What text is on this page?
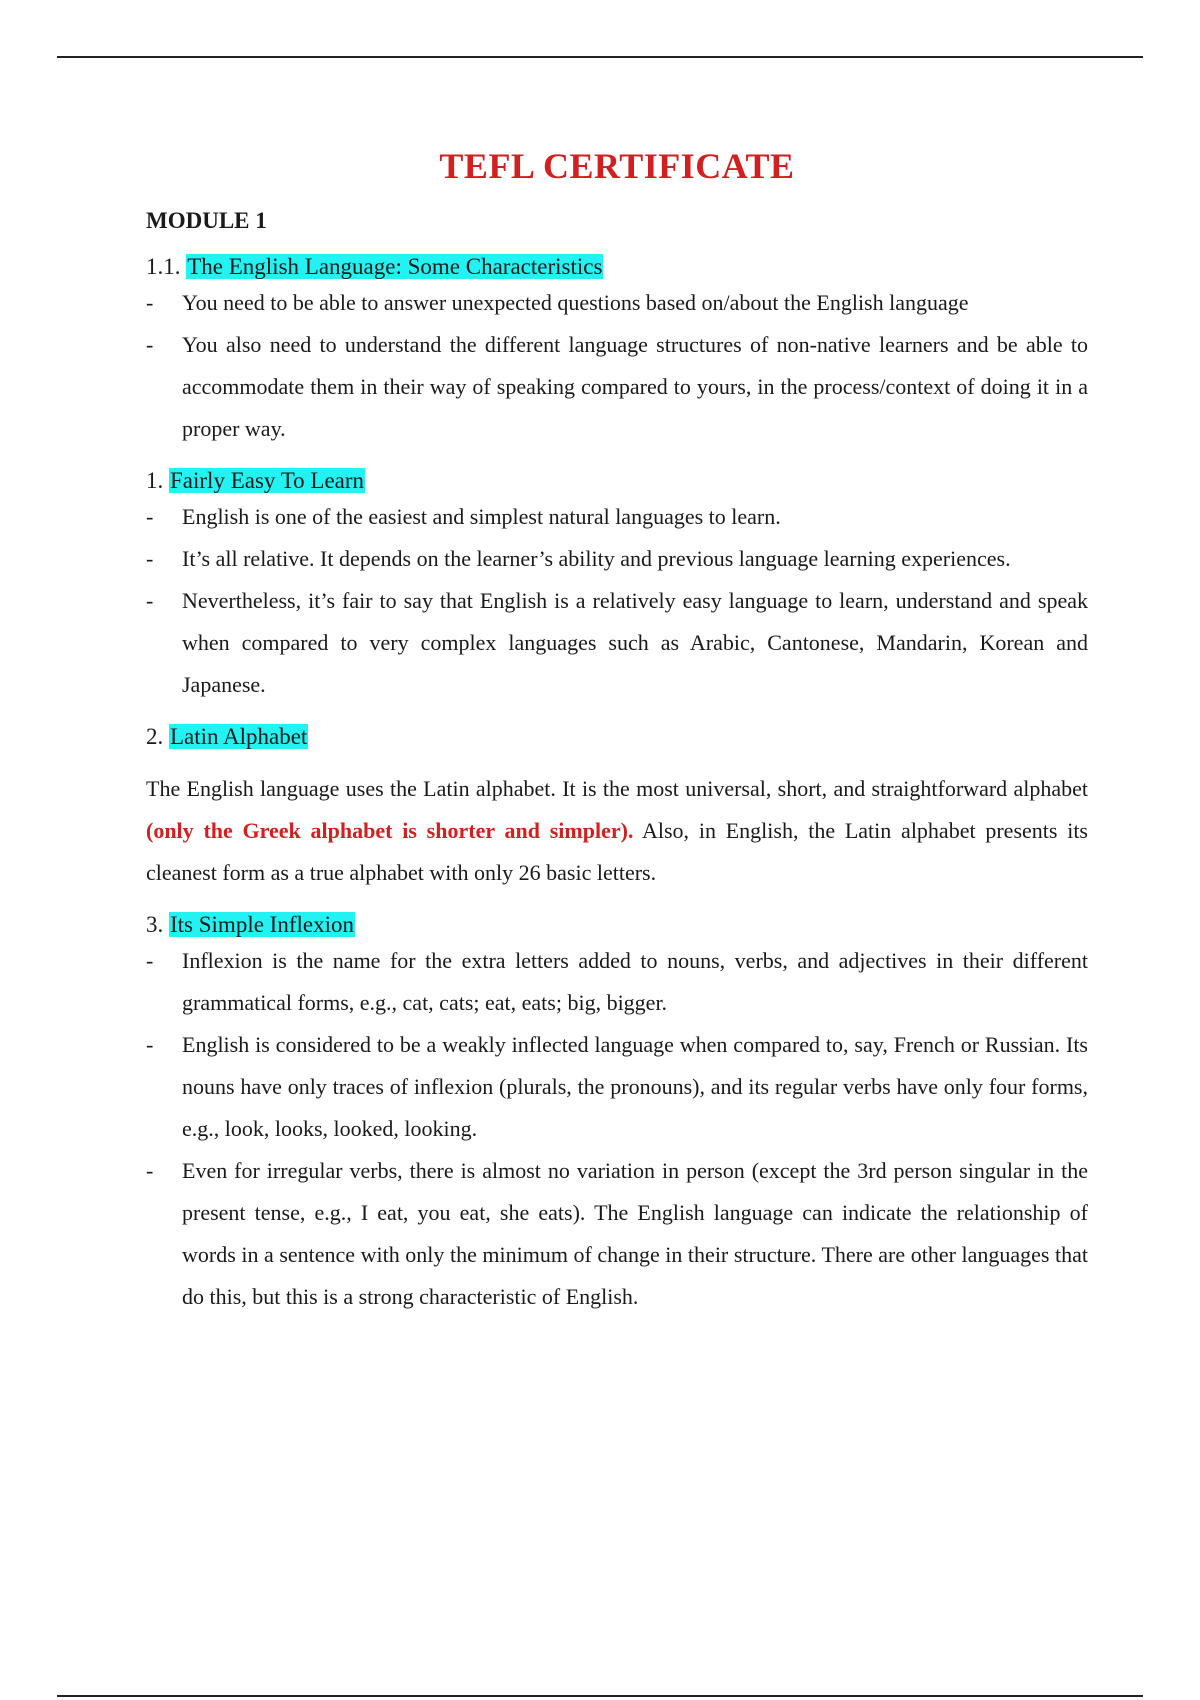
TEFL CERTIFICATE
MODULE 1
1.1. The English Language: Some Characteristics
- You need to be able to answer unexpected questions based on/about the English language
- You also need to understand the different language structures of non-native learners and be able to accommodate them in their way of speaking compared to yours, in the process/context of doing it in a proper way.
1. Fairly Easy To Learn
- English is one of the easiest and simplest natural languages to learn.
- It’s all relative. It depends on the learner’s ability and previous language learning experiences.
- Nevertheless, it’s fair to say that English is a relatively easy language to learn, understand and speak when compared to very complex languages such as Arabic, Cantonese, Mandarin, Korean and Japanese.
2. Latin Alphabet

The English language uses the Latin alphabet. It is the most universal, short, and straightforward alphabet (only the Greek alphabet is shorter and simpler). Also, in English, the Latin alphabet presents its cleanest form as a true alphabet with only 26 basic letters.

3. Its Simple Inflexion
- Inflexion is the name for the extra letters added to nouns, verbs, and adjectives in their different grammatical forms, e.g., cat, cats; eat, eats; big, bigger.
- English is considered to be a weakly inflected language when compared to, say, French or Russian. Its nouns have only traces of inflexion (plurals, the pronouns), and its regular verbs have only four forms, e.g., look, looks, looked, looking.
- Even for irregular verbs, there is almost no variation in person (except the 3rd person singular in the present tense, e.g., I eat, you eat, she eats). The English language can indicate the relationship of words in a sentence with only the minimum of change in their structure. There are other languages that do this, but this is a strong characteristic of English.
